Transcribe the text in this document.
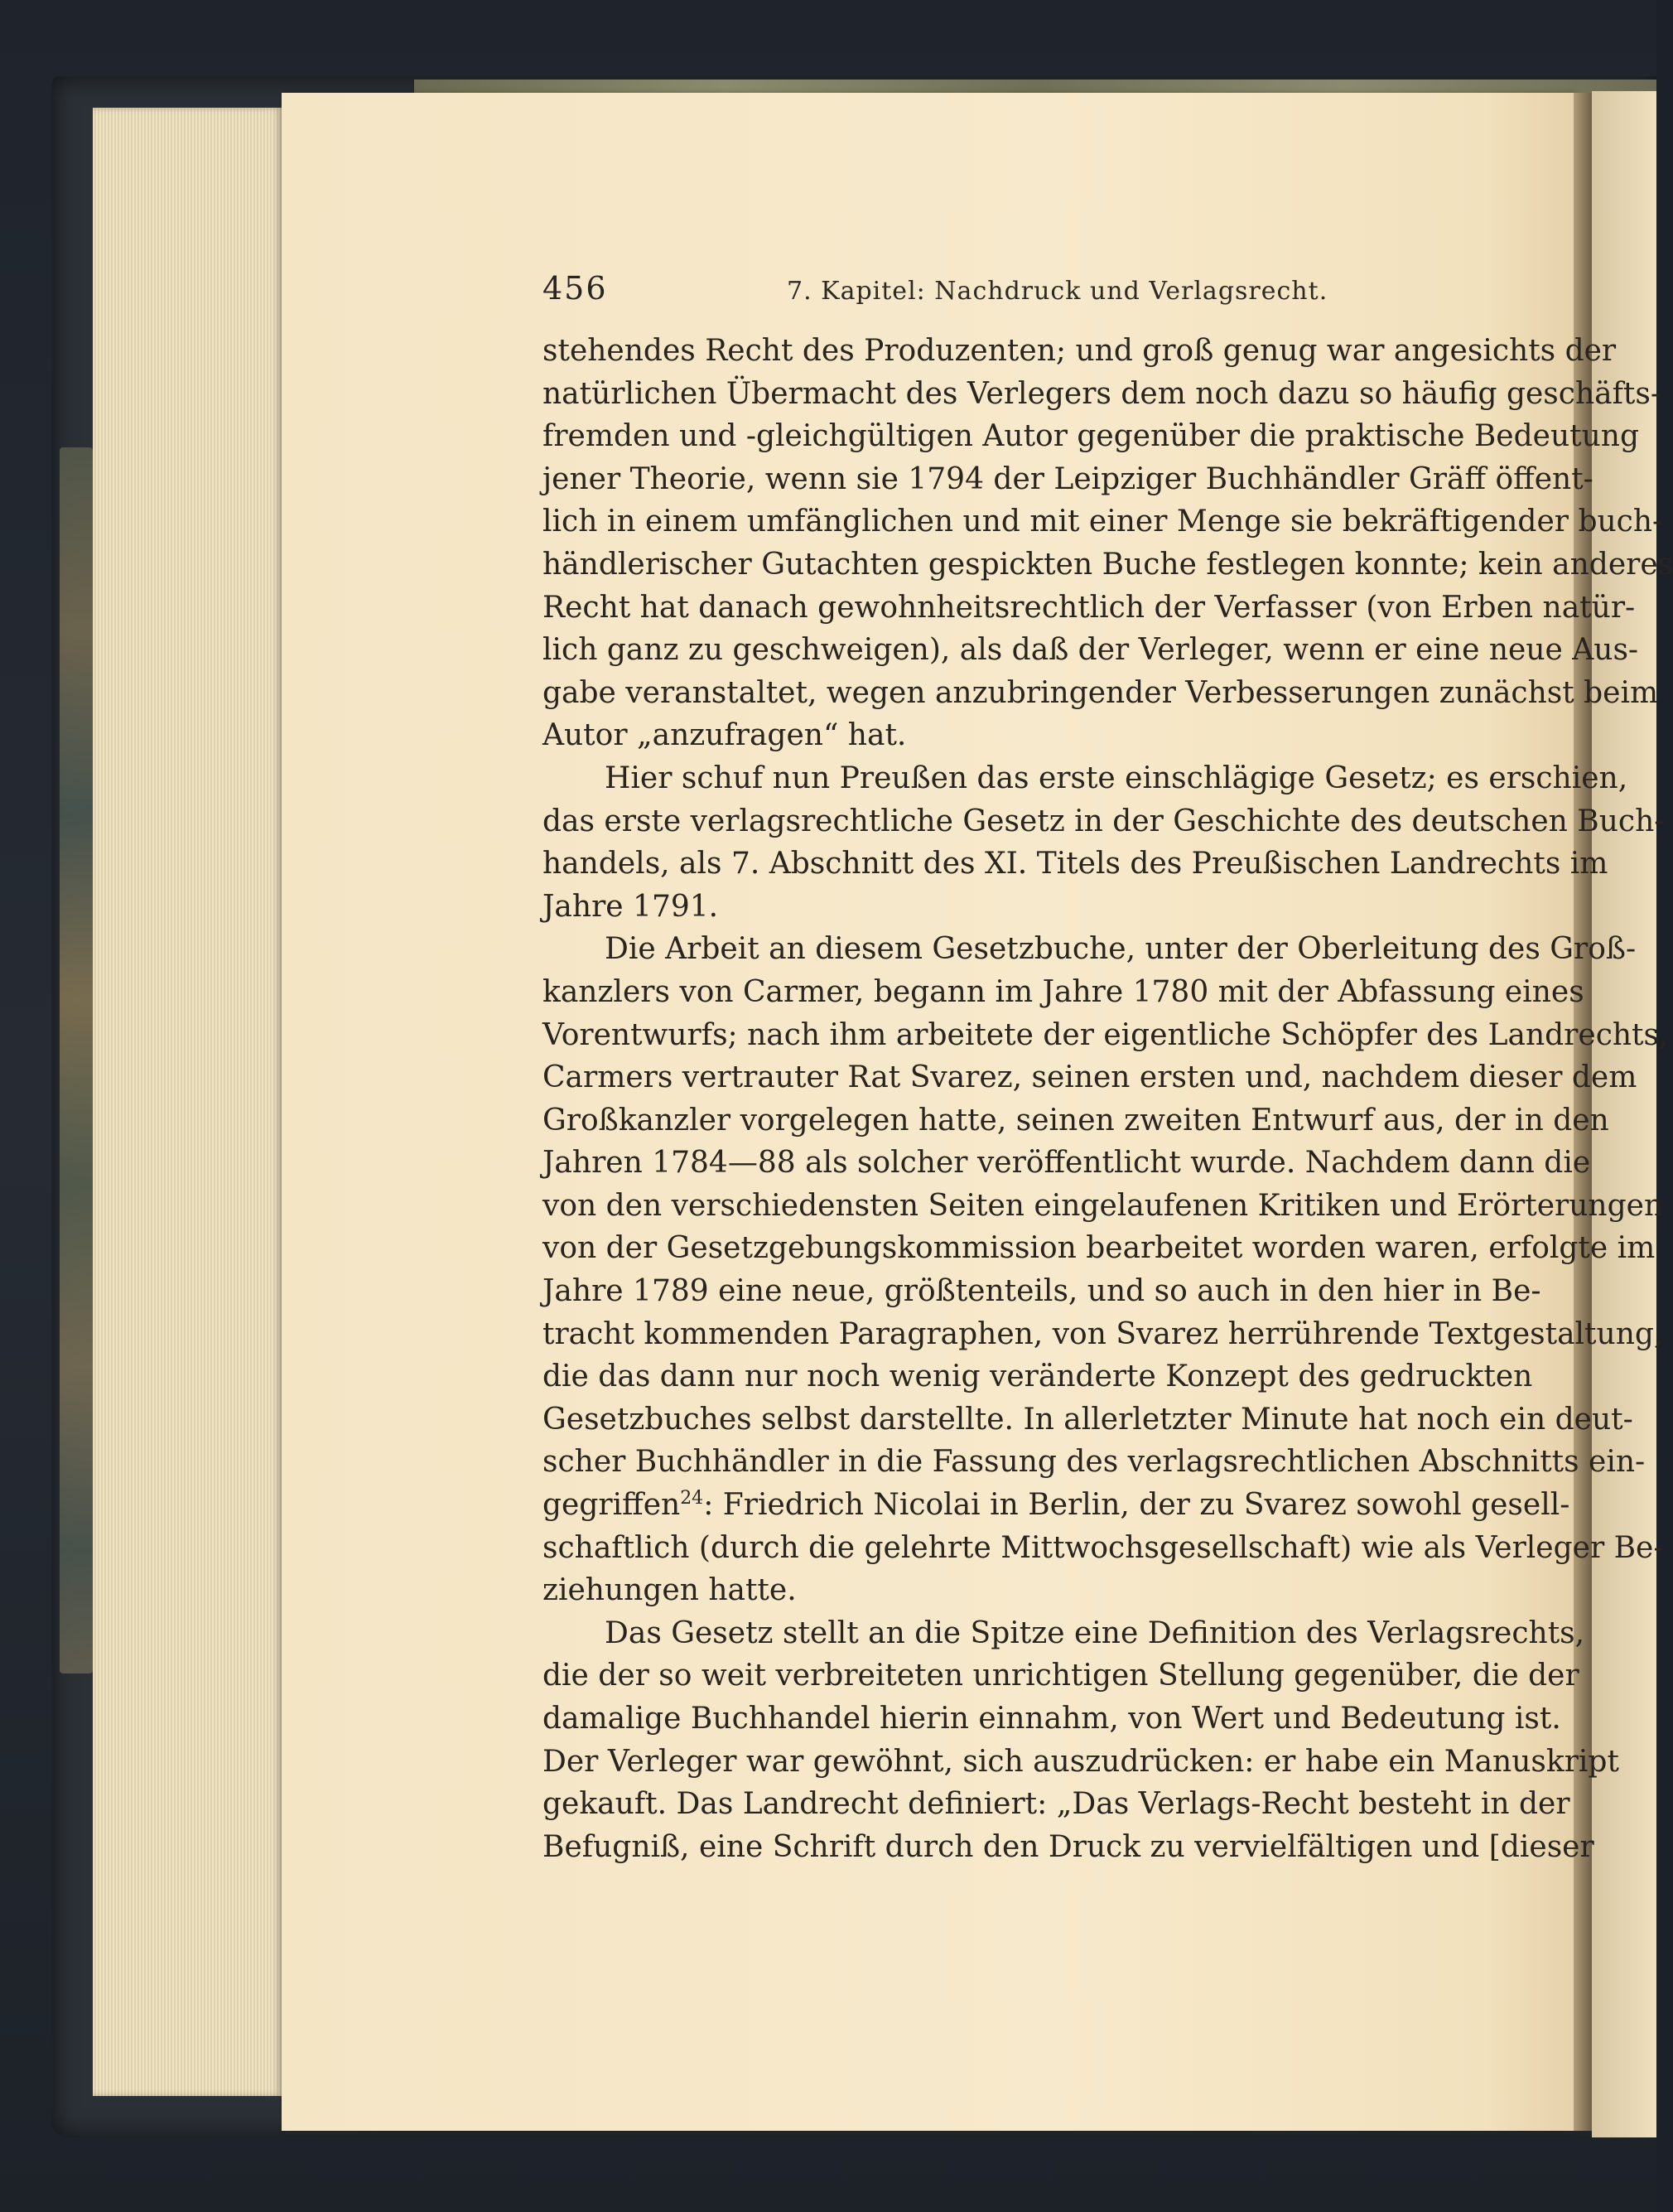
456	7. Kapitel: Nachdruck und Verlagsrecht.
stehendes Recht des Produzenten; und groß genug war angesichts der
natürlichen Übermacht des Verlegers dem noch dazu so häufig geschäfts-
fremden und -gleichgültigen Autor gegenüber die praktische Bedeutung
jener Theorie, wenn sie 1794 der Leipziger Buchhändler Gräff öffent-
lich in einem umfänglichen und mit einer Menge sie bekräftigender buch-
händlerischer Gutachten gespickten Buche festlegen konnte; kein anderes
Recht hat danach gewohnheitsrechtlich der Verfasser (von Erben natür-
lich ganz zu geschweigen), als daß der Verleger, wenn er eine neue Aus-
gabe veranstaltet, wegen anzubringender Verbesserungen zunächst beim
Autor „anzufragen“ hat.
Hier schuf nun Preußen das erste einschlägige Gesetz; es erschien,
das erste verlagsrechtliche Gesetz in der Geschichte des deutschen Buch-
handels, als 7. Abschnitt des XI. Titels des Preußischen Landrechts im
Jahre 1791.
Die Arbeit an diesem Gesetzbuche, unter der Oberleitung des Groß-
kanzlers von Carmer, begann im Jahre 1780 mit der Abfassung eines
Vorentwurfs; nach ihm arbeitete der eigentliche Schöpfer des Landrechts,
Carmers vertrauter Rat Svarez, seinen ersten und, nachdem dieser dem
Großkanzler vorgelegen hatte, seinen zweiten Entwurf aus, der in den
Jahren 1784—88 als solcher veröffentlicht wurde. Nachdem dann die
von den verschiedensten Seiten eingelaufenen Kritiken und Erörterungen
von der Gesetzgebungskommission bearbeitet worden waren, erfolgte im
Jahre 1789 eine neue, größtenteils, und so auch in den hier in Be-
tracht kommenden Paragraphen, von Svarez herrührende Textgestaltung,
die das dann nur noch wenig veränderte Konzept des gedruckten
Gesetzbuches selbst darstellte. In allerletzter Minute hat noch ein deut-
scher Buchhändler in die Fassung des verlagsrechtlichen Abschnitts ein-
gegriffen$^{24}$: Friedrich Nicolai in Berlin, der zu Svarez sowohl gesell-
schaftlich (durch die gelehrte Mittwochsgesellschaft) wie als Verleger Be-
ziehungen hatte.
Das Gesetz stellt an die Spitze eine Definition des Verlagsrechts,
die der so weit verbreiteten unrichtigen Stellung gegenüber, die der
damalige Buchhandel hierin einnahm, von Wert und Bedeutung ist.
Der Verleger war gewöhnt, sich auszudrücken: er habe ein Manuskript
gekauft. Das Landrecht definiert: „Das Verlags-Recht besteht in der
Befugniß, eine Schrift durch den Druck zu vervielfältigen und [dieser
